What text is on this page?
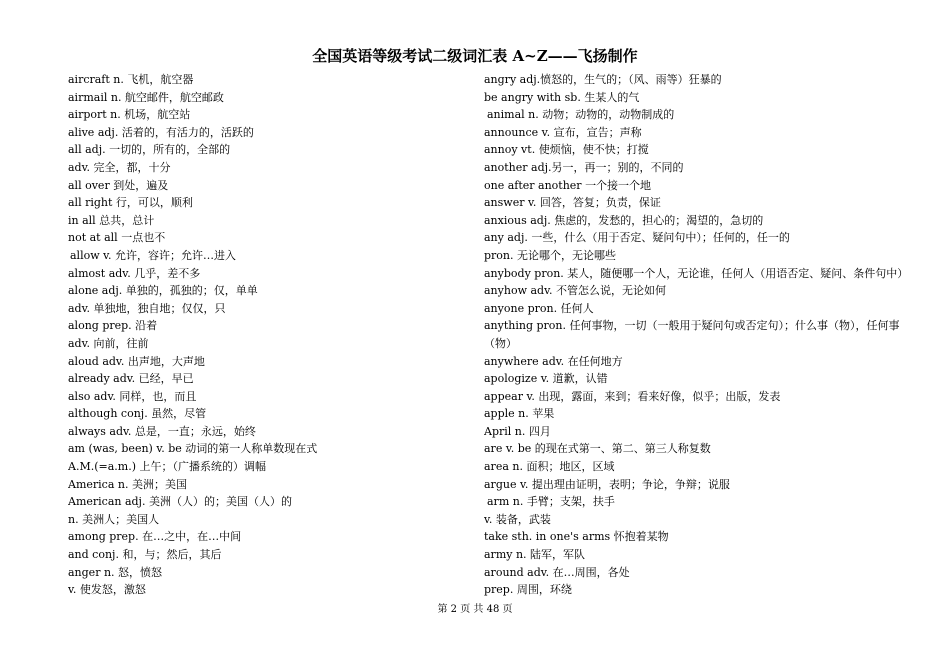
全国英语等级考试二级词汇表 A~Z——飞扬制作
aircraft n. 飞机，航空器
airmail n. 航空邮件，航空邮政
airport n. 机场，航空站
alive adj. 活着的，有活力的，活跃的
all adj. 一切的，所有的，全部的
adv. 完全，都，十分
all over 到处，遍及
all right 行，可以，顺利
in all 总共，总计
not at all 一点也不
allow v. 允许，容许；允许…进入
almost adv. 几乎，差不多
alone adj. 单独的，孤独的；仅，单单
adv. 单独地，独自地；仅仅，只
along prep. 沿着
adv. 向前，往前
aloud adv. 出声地，大声地
already adv. 已经，早已
also adv. 同样，也，而且
although conj. 虽然，尽管
always adv. 总是，一直；永远，始终
am (was, been) v. be 动词的第一人称单数现在式
A.M.(=a.m.) 上午；（广播系统的）调幅
America n. 美洲；美国
American adj. 美洲（人）的；美国（人）的
n. 美洲人；美国人
among prep. 在…之中，在…中间
and conj. 和，与；然后，其后
anger n. 怒，愤怒
v. 使发怒，激怒
angry adj.愤怒的，生气的；（风、雨等）狂暴的
be angry with sb. 生某人的气
animal n. 动物；动物的，动物制成的
announce v. 宣布，宣告；声称
annoy vt. 使烦恼，使不快；打搅
another adj.另一，再一；别的，不同的
one after another 一个接一个地
answer v. 回答，答复；负责，保证
anxious adj. 焦虑的，发愁的，担心的；渴望的，急切的
any adj. 一些，什么（用于否定、疑问句中）；任何的，任一的
pron. 无论哪个，无论哪些
anybody pron. 某人，随便哪一个人，无论谁，任何人（用语否定、疑问、条件句中）
anyhow adv. 不管怎么说，无论如何
anyone pron. 任何人
anything pron. 任何事物，一切（一般用于疑问句或否定句）；什么事（物），任何事（物）
anywhere adv. 在任何地方
apologize v. 道歉，认错
appear v. 出现，露面，来到；看来好像，似乎；出版，发表
apple n. 苹果
April n. 四月
are v. be 的现在式第一、第二、第三人称复数
area n. 面积；地区，区域
argue v. 提出理由证明，表明；争论，争辩；说服
arm n. 手臂；支架，扶手
v. 装备，武装
take sth. in one's arms 怀抱着某物
army n. 陆军，军队
around adv. 在…周围，各处
prep. 周围，环绕
第 2 页 共 48 页
